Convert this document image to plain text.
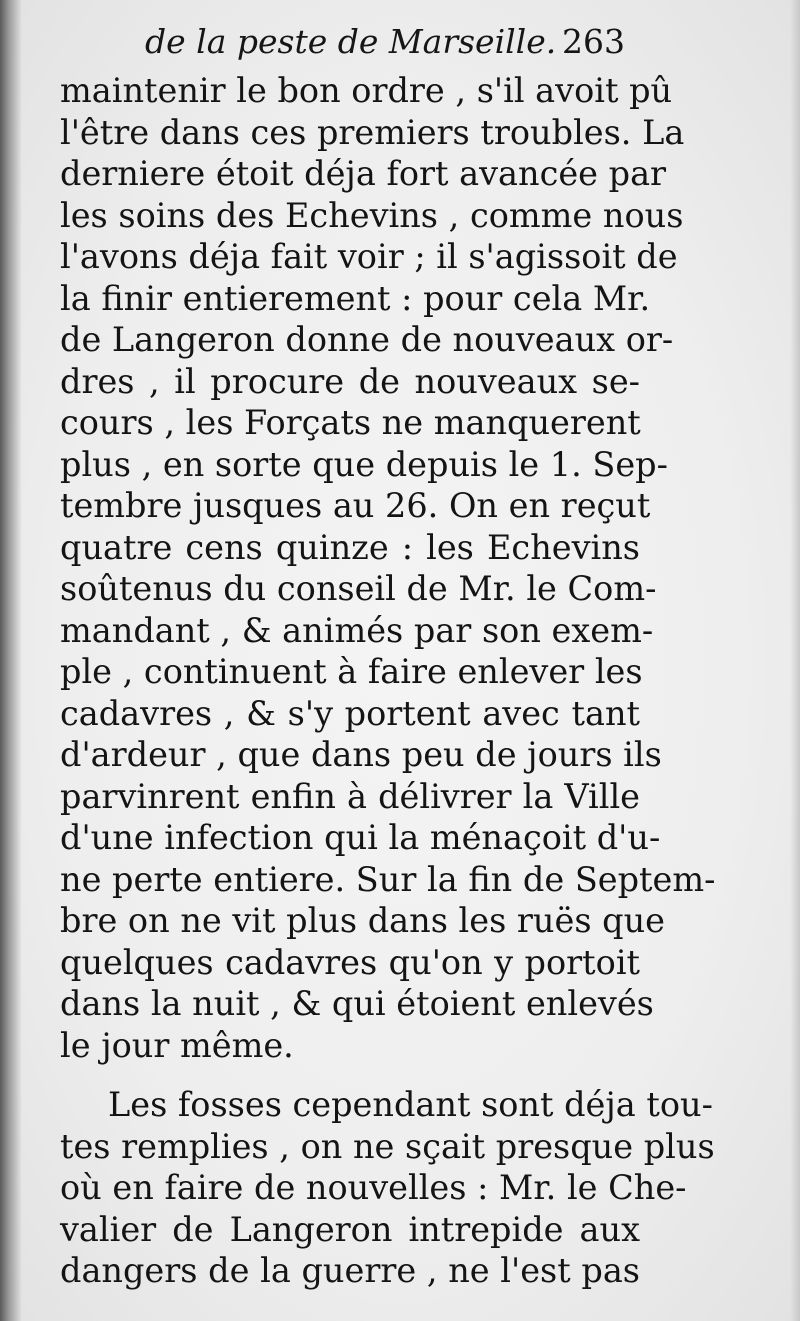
de la peste de Marseille. 263
maintenir le bon ordre , s'il avoit pû
l'être dans ces premiers troubles. La
derniere étoit déja fort avancée par
les soins des Echevins , comme nous
l'avons déja fait voir ; il s'agissoit de
la finir entierement : pour cela Mr.
de Langeron donne de nouveaux or-
dres , il procure de nouveaux se-
cours , les Forçats ne manquerent
plus , en sorte que depuis le 1. Sep-
tembre jusques au 26. On en reçut
quatre cens quinze : les Echevins
soûtenus du conseil de Mr. le Com-
mandant , & animés par son exem-
ple , continuent à faire enlever les
cadavres , & s'y portent avec tant
d'ardeur , que dans peu de jours ils
parvinrent enfin à délivrer la Ville
d'une infection qui la ménaçoit d'u-
ne perte entiere. Sur la fin de Septem-
bre on ne vit plus dans les ruës que
quelques cadavres qu'on y portoit
dans la nuit , & qui étoient enlevés
le jour même.
Les fosses cependant sont déja tou-
tes remplies , on ne sçait presque plus
où en faire de nouvelles : Mr. le Che-
valier de Langeron intrepide aux
dangers de la guerre , ne l'est pas
